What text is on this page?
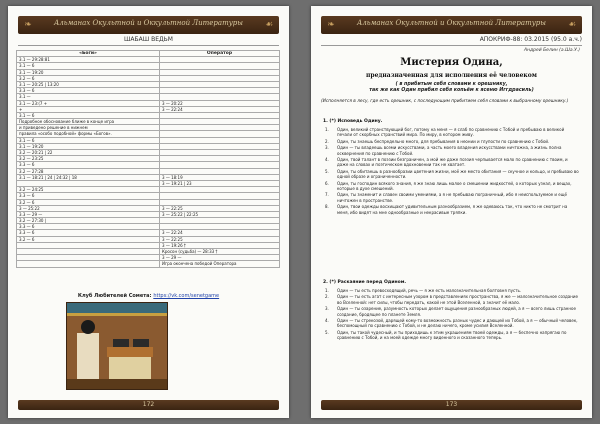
❧	Альманах Окультной и Оккультной Литературы	☙
ШАБАШ ВЕДЬМ
«Боги»	Оператор
3.1 — 29:28:81	
3.1 — 6	
3.1 — 19:20	
3.2 — 6	
3.1 — 20:25 | 13:20	
3.3 — 6	
3.1 —	
3.1 — 23:(7 +	3 — 20:22
+	3 — 22:24
3.1 — 6	
Подробное обоснование ближе в конце игра	
и приведено решение в нижнем	
правила «особо подобной» формы «Богов».	
3.1 — 6	
3.1 — 19:20	
3.2 — 20:21 | 22	
3.2 — 23:25	
3.3 — 6	
3.2 — 27:28	
3.1 — 18:21 | 24 | 24:32 | 18	3 — 18:19
	3 — 19:21 | 23
3.2 — 24:25	
3.3 — 6	
3.2 — 6	
3 — 25:22	3 — 22:25
3.3 — 29 —	3 — 25:22 | 22:25
3.2 — 27:30 |	
3.3 — 6	
3.3 — 6	3 — 22:24
3.2 — 6	3 — 22:25
	3 — 19:26 †
	Кросон (судьба) — 28:33 †
	3 — 29 —
	Игра окончена победой Оператора
Клуб Любителей Сомета: https://vk.com/senetgame
172
❧	Альманах Окультной и Оккультной Литературы	☙
АПОКРИФ-88: 03.2015 (95.0 а.ч.)
Андрей Белин (а.Ша.У.)
Мистерия Одина,
предназначенная для исполнения её человеком
( в прибитым себя словами к орешнику,
так же как Один прибил себя копьём к ясеню Иггдрасиль)
(Исполняется в лесу, где есть орешник, с последующим прибитием себя словами к выбранному орешнику.)
1. (*) Исповедь Одину.
1. Один, великий странствующий бог, потому на меня — я слаб по сравнению с Тобой и пребываю в великой печали от скорбных странствий мира. По миру, в котором живу.
2. Один, ты знаешь беспредельно много, для пребывания в неонии и глупости по сравнению с Тобой.
3. Один — ты владеешь всеми искусствами, а часть моего владения искусствами ничтожна, а жизнь полна осквернения по сравнению с Тобой.
4. Один, твой талант в поэзии безграничен, а мой же даже поэзия черпывается мало по сравнению с твоим, и даже на словах и поэтическом вдохновении так не хватает.
5. Один, ты обитаешь в разнообразии цветения жизни, моё же место обитания — скучное и кольцо, и пребываю во одной образе и ограниченности.
6. Один, ты господин всякого знания, я же знаю лишь малое о смешении жидкостей, о которых узнал, и вещах, которые в духе смешений.
7. Один, ты знаменит и славен своими умениями, а я не пребываю пограничный, ибо я неиспользуемое и ещё ничтожен в пространстве.
8. Один, твои одежды восхищают удивительным разнообразием, я же одеваюсь так, что никто не смотрит на меня, ибо видят на мне однообразные и некрасивые тряпки.
2. (*) Раскаяние перед Одином.
1. Один — ты есть превосходящий, речь — я же есть малозначительная болтовня пусть.
2. Один — ты есть агат с интересным узором в представлениях пространства, я же — малозначительное создание во Вселенной: нет силы, чтобы передать, какой не этой Вселенной, а значит её мало.
3. Один — ты озарение, разумность которых делает ощущения разнообразных людей, а я — всего лишь странное создание, бродящее по планете Земля.
4. Один — ты стрекозой, дарящей кому-то возможность разных чудес и дающей их Тобой, а я — обычный человек, беспомощный по сравнению с Тобой, и не делаю ничего, кроме усилия Вселенной.
5. Один, ты такой чудесный, и ты приходишь к этим украшениям твоей одежды, а я — беспечно напрягаю по сравнению с Тобой, и на моей одежде многу виденного и сказанного теперь.
173
